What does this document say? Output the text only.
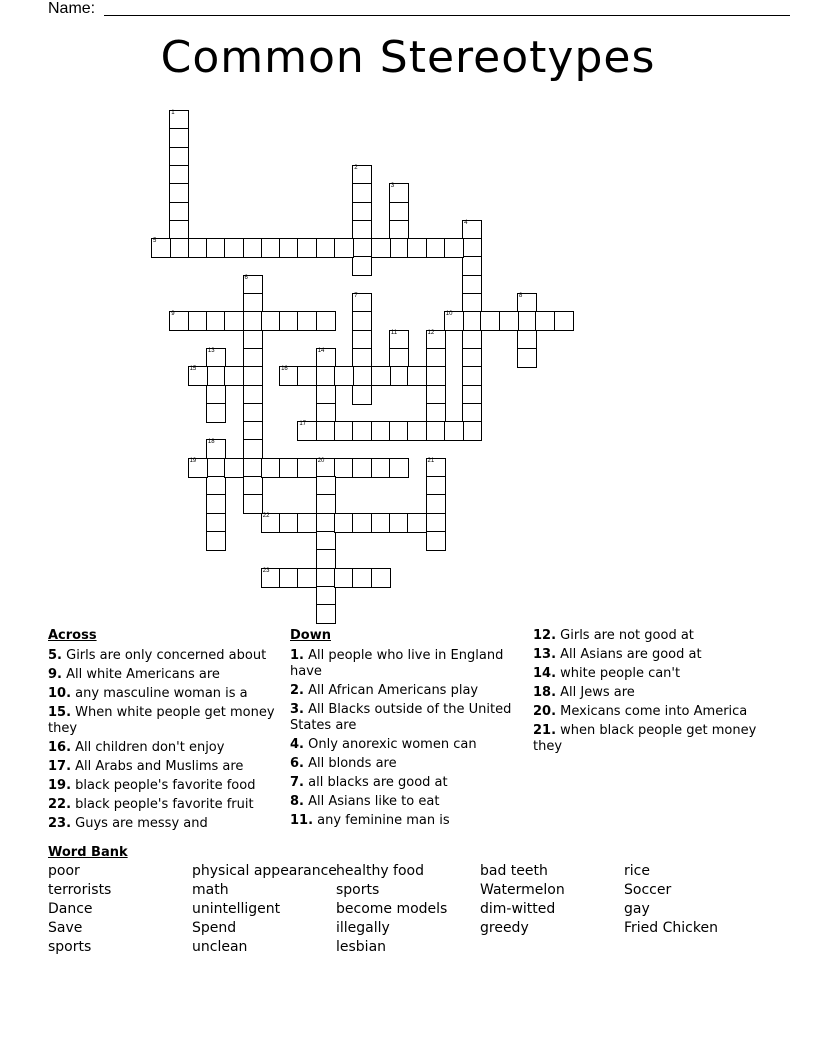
Name:
Common Stereotypes
1
2
3
4
5
6
7	8
9	10
11	12
13	14
15	16
17
18
19	20	21
22
23
Across
5. Girls are only concerned about
9. All white Americans are
10. any masculine woman is a
15. When white people get money they
16. All children don't enjoy
17. All Arabs and Muslims are
19. black people's favorite food
22. black people's favorite fruit
23. Guys are messy and
Down
1. All people who live in England have
2. All African Americans play
3. All Blacks outside of the United States are
4. Only anorexic women can
6. All blonds are
7. all blacks are good at
8. All Asians like to eat
11. any feminine man is
12. Girls are not good at
13. All Asians are good at
14. white people can't
18. All Jews are
20. Mexicans come into America
21. when black people get money they
Word Bank
poor
terrorists
Dance
Save
sports
physical appearance
math
unintelligent
Spend
unclean
healthy food
sports
become models
illegally
lesbian
bad teeth
Watermelon
dim-witted
greedy
rice
Soccer
gay
Fried Chicken
